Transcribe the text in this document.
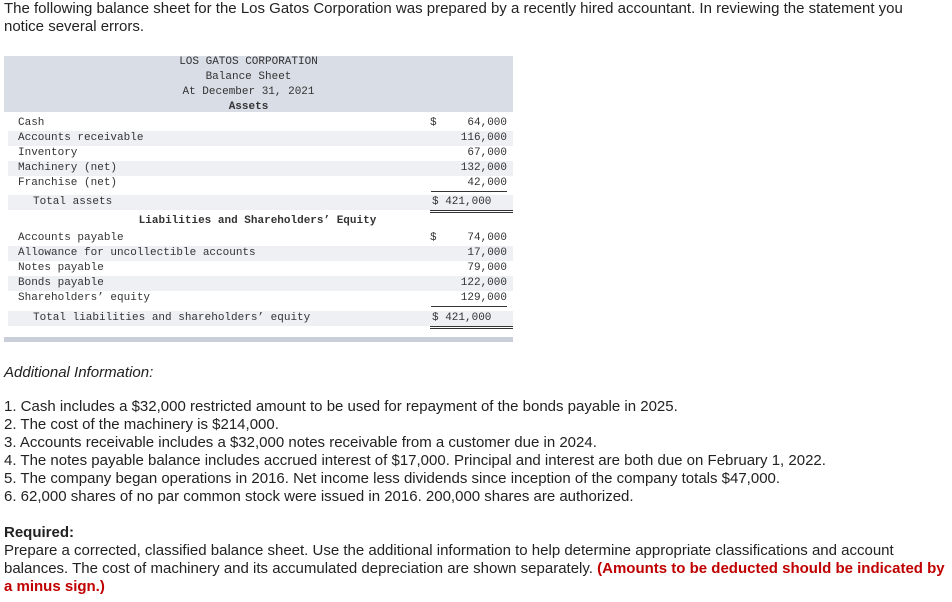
The following balance sheet for the Los Gatos Corporation was prepared by a recently hired accountant. In reviewing the statement you notice several errors.
LOS GATOS CORPORATION
Balance Sheet
At December 31, 2021
Assets
Cash	$	64,000
Accounts receivable	116,000
Inventory	67,000
Machinery (net)	132,000
Franchise (net)	42,000
Total assets	$ 421,000
Liabilities and Shareholders’ Equity
Accounts payable	$	74,000
Allowance for uncollectible accounts	17,000
Notes payable	79,000
Bonds payable	122,000
Shareholders’ equity	129,000
Total liabilities and shareholders’ equity	$ 421,000
Additional Information:
1. Cash includes a $32,000 restricted amount to be used for repayment of the bonds payable in 2025.
2. The cost of the machinery is $214,000.
3. Accounts receivable includes a $32,000 notes receivable from a customer due in 2024.
4. The notes payable balance includes accrued interest of $17,000. Principal and interest are both due on February 1, 2022.
5. The company began operations in 2016. Net income less dividends since inception of the company totals $47,000.
6. 62,000 shares of no par common stock were issued in 2016. 200,000 shares are authorized.
Required:
Prepare a corrected, classified balance sheet. Use the additional information to help determine appropriate classifications and account balances. The cost of machinery and its accumulated depreciation are shown separately. (Amounts to be deducted should be indicated by a minus sign.)
